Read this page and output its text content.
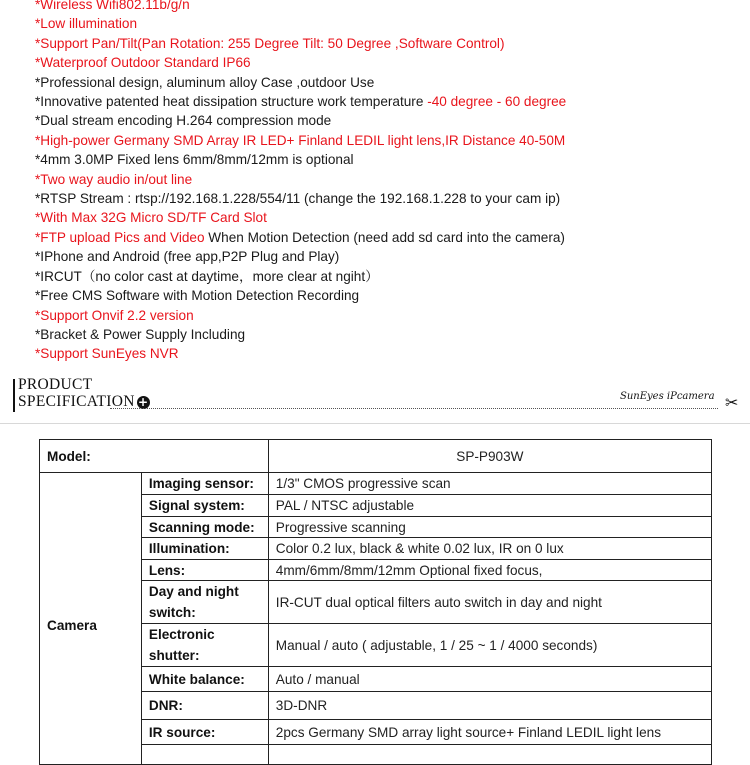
*Wireless Wifi802.11b/g/n
*Low illumination
*Support Pan/Tilt(Pan Rotation: 255 Degree Tilt: 50 Degree ,Software Control)
*Waterproof Outdoor Standard IP66
*Professional design, aluminum alloy Case ,outdoor Use
*Innovative patented heat dissipation structure work temperature -40 degree - 60 degree
*Dual stream encoding H.264 compression mode
*High-power Germany SMD Array IR LED+ Finland LEDIL light lens,IR Distance 40-50M
*4mm 3.0MP Fixed lens 6mm/8mm/12mm is optional
*Two way audio in/out line
*RTSP Stream : rtsp://192.168.1.228/554/11 (change the 192.168.1.228 to your cam ip)
*With Max 32G Micro SD/TF Card Slot
*FTP upload Pics and Video When Motion Detection (need add sd card into the camera)
*IPhone and Android (free app,P2P Plug and Play)
*IRCUT（no color cast at daytime，more clear at ngiht）
*Free CMS Software with Motion Detection Recording
*Support Onvif 2.2 version
*Bracket & Power Supply Including
*Support SunEyes NVR
PRODUCT
SPECIFICATION +	SunEyes iPcamera ✂
Model:		SP-P903W
Camera	Imaging sensor:	1/3" CMOS progressive scan
	Signal system:	PAL / NTSC adjustable
	Scanning mode:	Progressive scanning
	Illumination:	Color 0.2 lux, black & white 0.02 lux, IR on 0 lux
	Lens:	4mm/6mm/8mm/12mm Optional fixed focus,
	Day and night switch:	IR-CUT dual optical filters auto switch in day and night
	Electronic shutter:	Manual / auto ( adjustable, 1 / 25 ~ 1 / 4000 seconds)
	White balance:	Auto / manual
	DNR:	3D-DNR
	IR source:	2pcs Germany SMD array light source+ Finland LEDIL light lens
